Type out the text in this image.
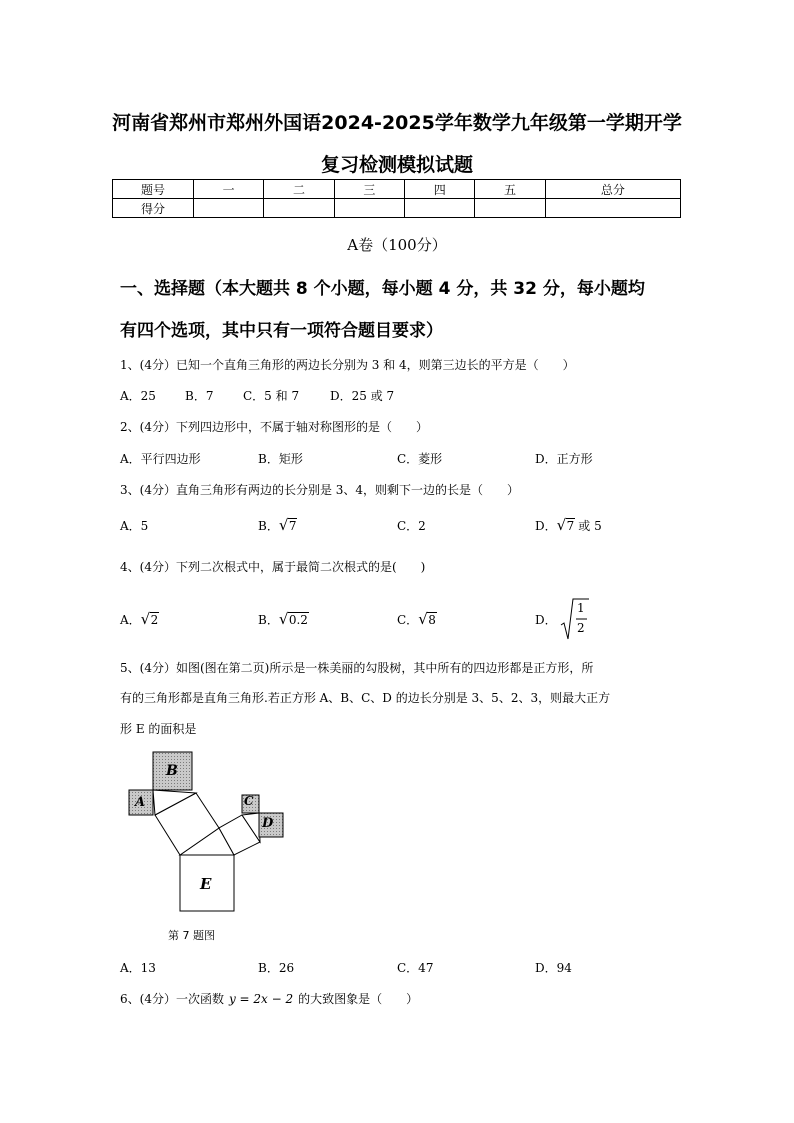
河南省郑州市郑州外国语2024-2025学年数学九年级第一学期开学
复习检测模拟试题
题号	一	二	三	四	五	总分
得分						
A卷（100分）
一、选择题（本大题共 8 个小题，每小题 4 分，共 32 分，每小题均
有四个选项，其中只有一项符合题目要求）
1、(4分）已知一个直角三角形的两边长分别为 3 和 4，则第三边长的平方是（　　）
A．25 B．7 C．5 和 7	D．25 或 7
2、(4分）下列四边形中，不属于轴对称图形的是（　　）
A．平行四边形	B．矩形	C．菱形	D．正方形
3、(4分）直角三角形有两边的长分别是 3、4，则剩下一边的长是（　　）
A．5	B． √ 7	C．2	D． √ 7 或 5
4、(4分）下列二次根式中，属于最简二次根式的是(　　)
A． √ 2	B． √ 0.2	C． √ 8	D．
1
2
5、(4分）如图(图在第二页)所示是一株美丽的勾股树，其中所有的四边形都是正方形，所
有的三角形都是直角三角形.若正方形 A、B、C、D 的边长分别是 3、5、2、3，则最大正方
形 E 的面积是
A
B
C
D
E
第 7 题图
A．13	B．26	C．47	D．94
6、(4分）一次函数 y = 2x − 2 的大致图象是（　　）
